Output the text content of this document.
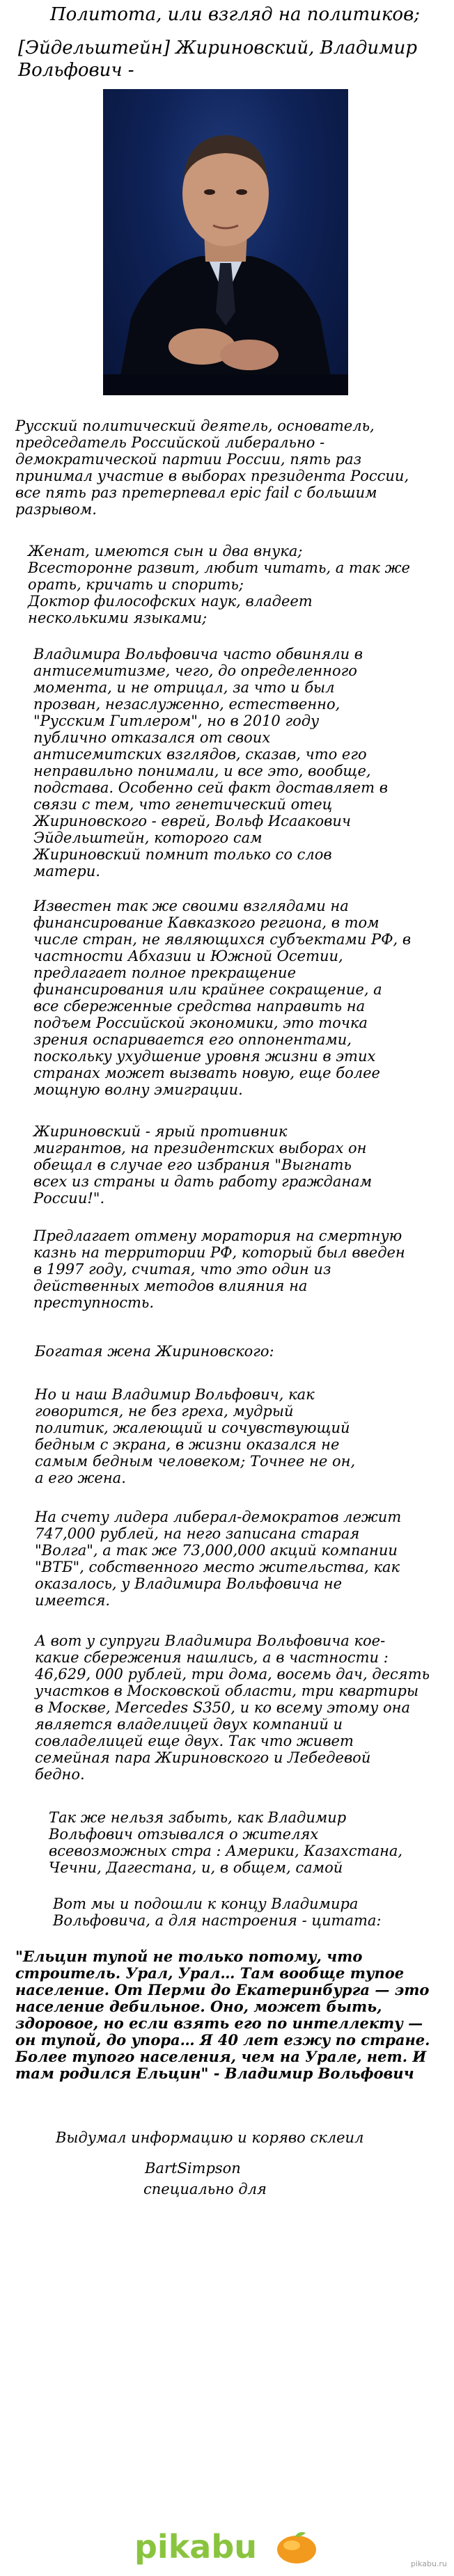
Политота, или взгляд на политиков;

[Эйдельштейн] Жириновский, Владимир

Вольфович -

Русский политический деятель, основатель,

председатель Российской либерально -

демократической партии России, пять раз

принимал участие в выборах президента России,

все пять раз претерпевал epic fail с большим

разрывом.

Женат, имеются сын и два внука;

Всесторонне развит, любит читать, а так же

орать, кричать и спорить;

Доктор философских наук, владеет

несколькими языками;

Владимира Вольфовича часто обвиняли в

антисемитизме, чего, до определенного

момента, и не отрицал, за что и был

прозван, незаслуженно, естественно,

"Русским Гитлером", но в 2010 году

публично отказался от своих

антисемитских взглядов, сказав, что его

неправильно понимали, и все это, вообще,

подстава. Особенно сей факт доставляет в

связи с тем, что генетический отец

Жириновского - еврей, Вольф Исаакович

Эйдельштейн, которого сам

Жириновский помнит только со слов

матери.

Известен так же своими взглядами на

финансирование Кавказкого региона, в том

числе стран, не являющихся субъектами РФ, в

частности Абхазии и Южной Осетии,

предлагает полное прекращение

финансирования или крайнее сокращение, а

все сбереженные средства направить на

подъем Российской экономики, это точка

зрения оспаривается его оппонентами,

поскольку ухудшение уровня жизни в этих

странах может вызвать новую, еще более

мощную волну эмиграции.

Жириновский - ярый противник

мигрантов, на президентских выборах он

обещал в случае его избрания "Выгнать

всех из страны и дать работу гражданам

России!".

Предлагает отмену моратория на смертную

казнь на территории РФ, который был введен

в 1997 году, считая, что это один из

действенных методов влияния на

преступность.

Богатая жена Жириновского:

Но и наш Владимир Вольфович, как

говорится, не без греха, мудрый

политик, жалеющий и сочувствующий

бедным с экрана, в жизни оказался не

самым бедным человеком; Точнее не он,

а его жена.

На счету лидера либерал-демократов лежит

747,000 рублей, на него записана старая

"Волга", а так же 73,000,000 акций компании

"ВТБ", собственного место жительства, как

оказалось, у Владимира Вольфовича не

имеется.

А вот у супруги Владимира Вольфовича кое-

какие сбережения нашлись, а в частности :

46,629, 000 рублей, три дома, восемь дач, десять

участков в Московской области, три квартиры

в Москве, Mercedes S350, и ко всему этому она

является владелицей двух компаний и

совладелицей еще двух. Так что живет

семейная пара Жириновского и Лебедевой

бедно.

Так же нельзя забыть, как Владимир

Вольфович отзывался о жителях

всевозможных стра : Америки, Казахстана,

Чечни, Дагестана, и, в общем, самой

Вот мы и подошли к концу Владимира

Вольфовича, а для настроения - цитата:

"Ельцин тупой не только потому, что

строитель. Урал, Урал… Там вообще тупое

население. От Перми до Екатеринбурга — это

население дебильное. Оно, может быть,

здоровое, но если взять его по интеллекту —

он тупой, до упора… Я 40 лет езжу по стране.

Более тупого населения, чем на Урале, нет. И

там родился Ельцин" - Владимир Вольфович

Выдумал информацию и коряво склеил

BartSimpson

специально для

pikabu	pikabu.ru
